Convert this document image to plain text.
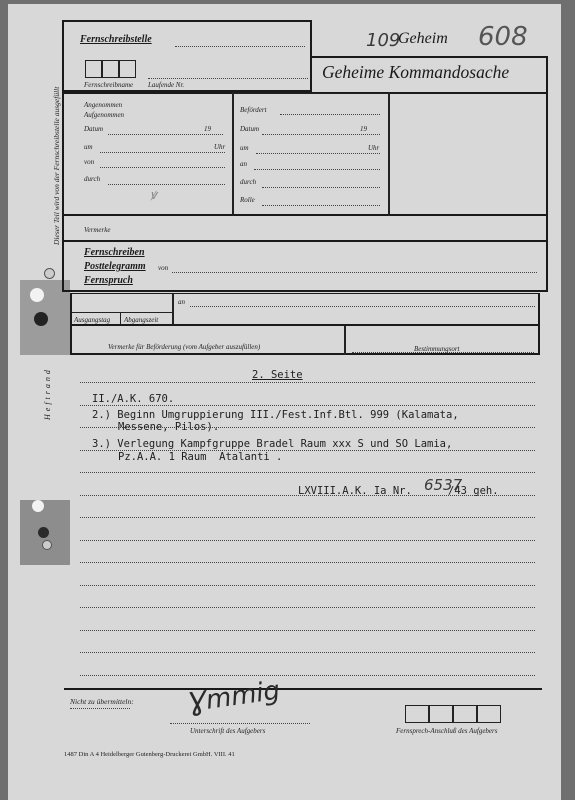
Dieser Teil wird von der Fernschreibstelle ausgefüllt
Heftrand
Fernschreibstelle
Fernschreibname Laufende Nr.
109
Geheim 608
Geheime Kommandosache
Angenommen
Aufgenommen
Datum	19
um	Uhr
von
durch
ꝟ
Befördert
Datum	19
um	Uhr
an
durch
Rolle
Vermerke
Fernschreiben
Posttelegramm von
Fernspruch
Ausgangstag Abgangszeit
an
Vermerke für Beförderung (vom Aufgeber auszufüllen)	Bestimmungsort
2. Seite
II./A.K. 670.
2.) Beginn Umgruppierung III./Fest.Inf.Btl. 999 (Kalamata,
Messene, Pilos).
3.) Verlegung Kampfgruppe Bradel Raum xxx S und SO Lamia,
Pz.A.A. 1 Raum  Atalanti .
LXVIII.A.K. Ia Nr. 6537
/43 geh.
Nicht zu übermitteln: Ɣmmig
Unterschrift des Aufgebers	Fernsprech-Anschluß des Aufgebers
1487 Din A 4 Heidelberger Gutenberg-Druckerei GmbH. VIII. 41
